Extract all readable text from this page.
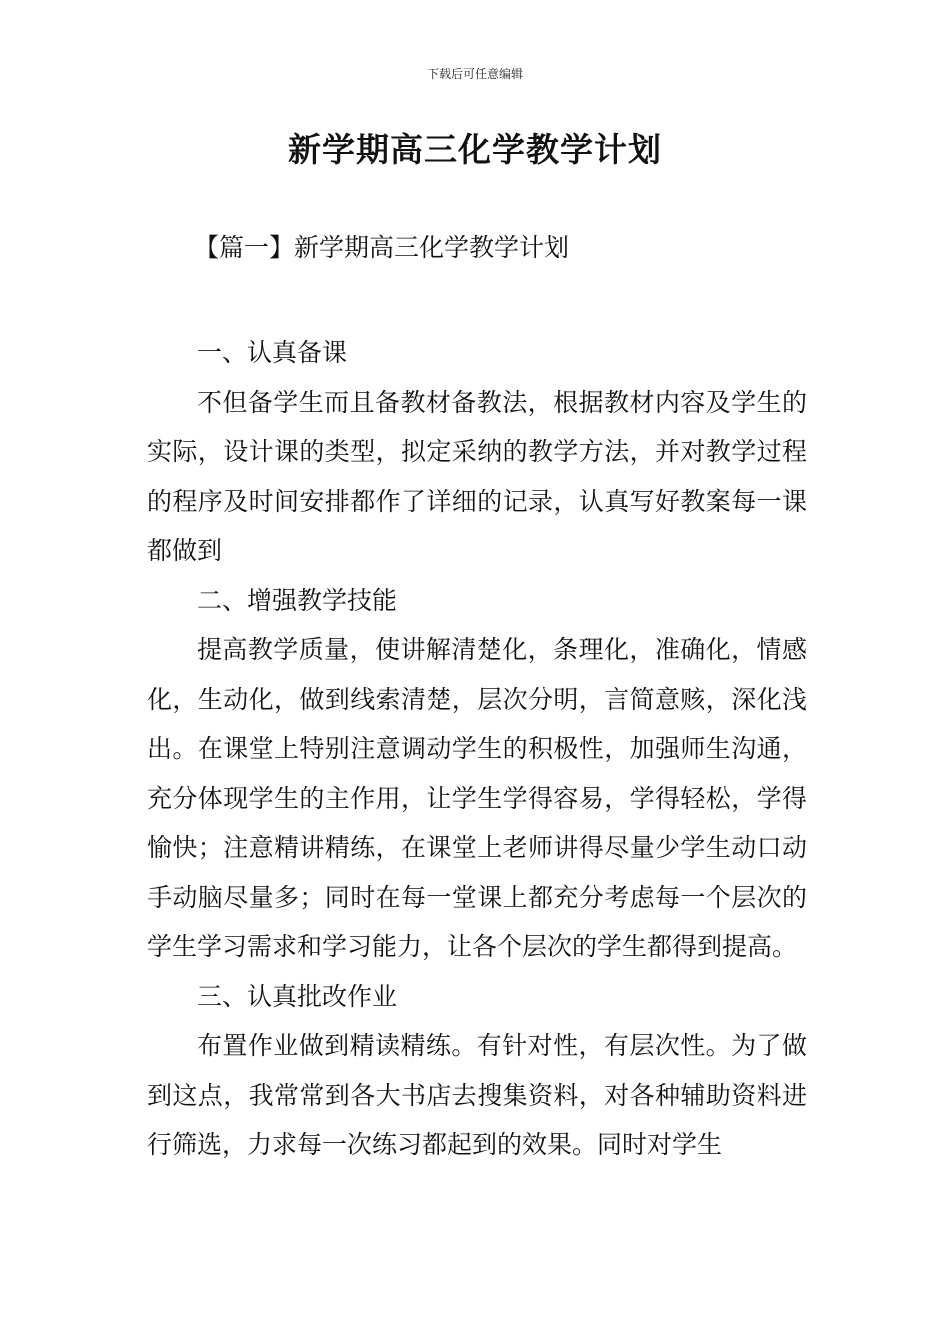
下载后可任意编辑
新学期高三化学教学计划
【篇一】新学期高三化学教学计划

一、认真备课

不但备学生而且备教材备教法，根据教材内容及学生的实际，设计课的类型，拟定采纳的教学方法，并对教学过程的程序及时间安排都作了详细的记录，认真写好教案每一课都做到

二、增强教学技能

提高教学质量，使讲解清楚化，条理化，准确化，情感化，生动化，做到线索清楚，层次分明，言简意赅，深化浅出。在课堂上特别注意调动学生的积极性，加强师生沟通，充分体现学生的主作用，让学生学得容易，学得轻松，学得愉快；注意精讲精练，在课堂上老师讲得尽量少学生动口动手动脑尽量多；同时在每一堂课上都充分考虑每一个层次的学生学习需求和学习能力，让各个层次的学生都得到提高。

三、认真批改作业

布置作业做到精读精练。有针对性，有层次性。为了做到这点，我常常到各大书店去搜集资料，对各种辅助资料进行筛选，力求每一次练习都起到的效果。同时对学生
